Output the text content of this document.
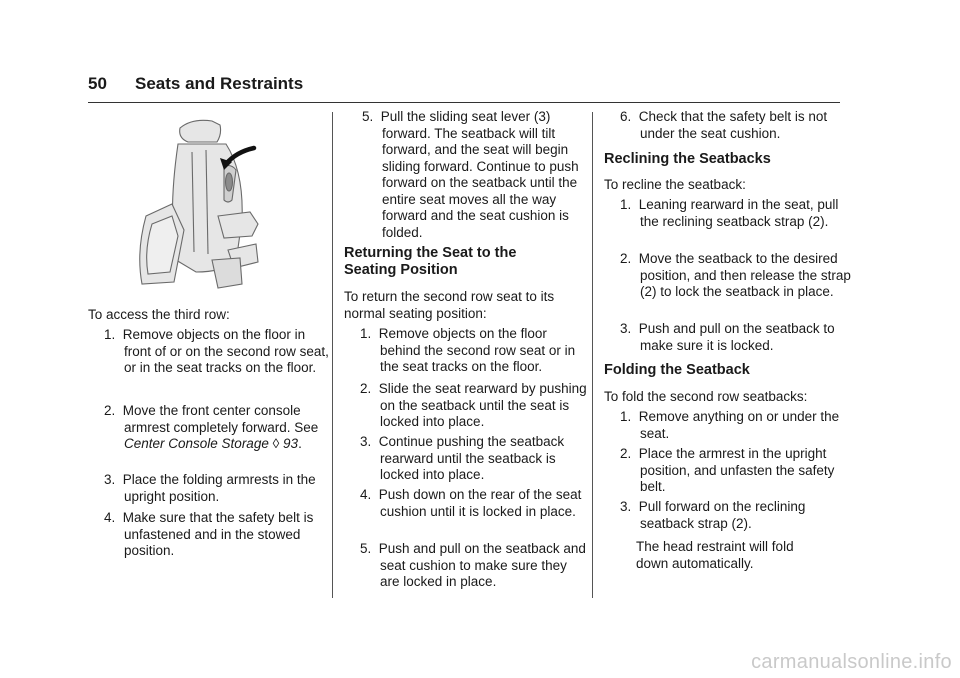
50 Seats and Restraints

To access the third row:

1. Remove objects on the floor in front of or on the second row seat, or in the seat tracks on the floor.
2. Move the front center console armrest completely forward. See Center Console Storage ◊ 93.
3. Place the folding armrests in the upright position.
4. Make sure that the safety belt is unfastened and in the stowed position.
5. Pull the sliding seat lever (3) forward. The seatback will tilt forward, and the seat will begin sliding forward. Continue to push forward on the seatback until the entire seat moves all the way forward and the seat cushion is folded.
Returning the Seat to the Seating Position

To return the second row seat to its normal seating position:

1. Remove objects on the floor behind the second row seat or in the seat tracks on the floor.
2. Slide the seat rearward by pushing on the seatback until the seat is locked into place.
3. Continue pushing the seatback rearward until the seatback is locked into place.
4. Push down on the rear of the seat cushion until it is locked in place.
5. Push and pull on the seatback and seat cushion to make sure they are locked in place.
6. Check that the safety belt is not under the seat cushion.
Reclining the Seatbacks

To recline the seatback:

1. Leaning rearward in the seat, pull the reclining seatback strap (2).
2. Move the seatback to the desired position, and then release the strap (2) to lock the seatback in place.
3. Push and pull on the seatback to make sure it is locked.
Folding the Seatback

To fold the second row seatbacks:

1. Remove anything on or under the seat.
2. Place the armrest in the upright position, and unfasten the safety belt.
3. Pull forward on the reclining seatback strap (2).

The head restraint will fold down automatically.

carmanualsonline.info
